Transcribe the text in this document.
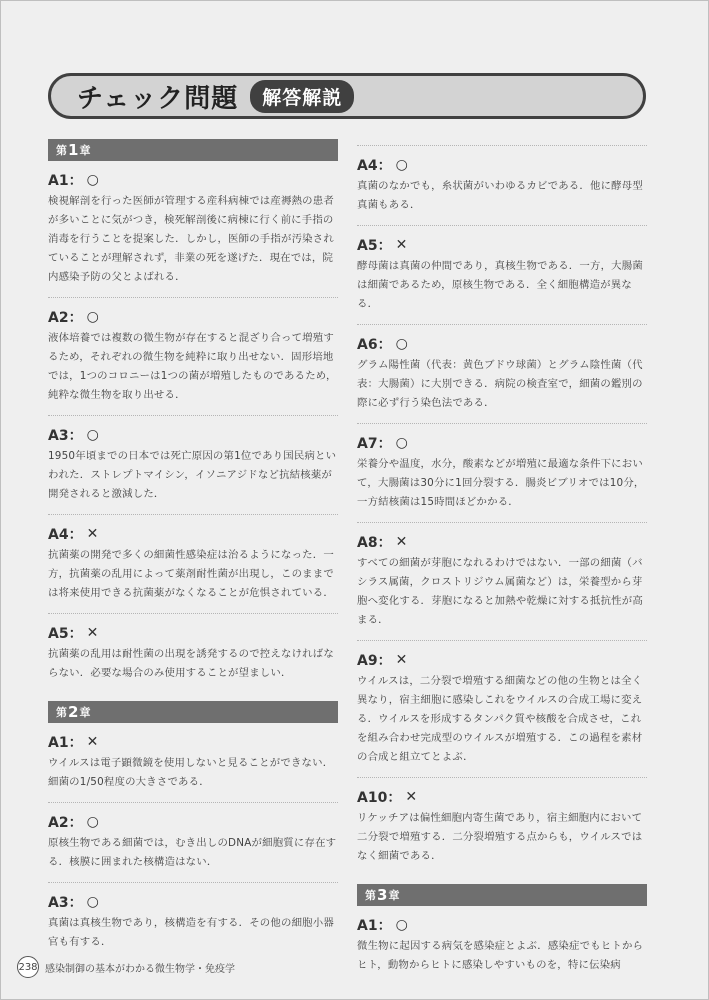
チェック問題	解答解説
第 1 章
A1： ○
検視解剖を行った医師が管理する産科病棟では産褥熱の患者が多いことに気がつき，検死解剖後に病棟に行く前に手指の消毒を行うことを提案した．しかし，医師の手指が汚染されていることが理解されず，非業の死を遂げた．現在では，院内感染予防の父とよばれる．
A2： ○
液体培養では複数の微生物が存在すると混ざり合って増殖するため，それぞれの微生物を純粋に取り出せない．固形培地では，1つのコロニーは1つの菌が増殖したものであるため，純粋な微生物を取り出せる．
A3： ○
1950年頃までの日本では死亡原因の第1位であり国民病といわれた．ストレプトマイシン，イソニアジドなど抗結核薬が開発されると激減した．
A4： ✕
抗菌薬の開発で多くの細菌性感染症は治るようになった．一方，抗菌薬の乱用によって薬剤耐性菌が出現し，このままでは将来使用できる抗菌薬がなくなることが危惧されている．
A5： ✕
抗菌薬の乱用は耐性菌の出現を誘発するので控えなければならない．必要な場合のみ使用することが望ましい．
第 2 章
A1： ✕
ウイルスは電子顕微鏡を使用しないと見ることができない．細菌の1/50程度の大きさである．
A2： ○
原核生物である細菌では，むき出しのDNAが細胞質に存在する．核膜に囲まれた核構造はない．
A3： ○
真菌は真核生物であり，核構造を有する．その他の細胞小器官も有する．
A4： ○
真菌のなかでも，糸状菌がいわゆるカビである．他に酵母型真菌もある．
A5： ✕
酵母菌は真菌の仲間であり，真核生物である．一方，大腸菌は細菌であるため，原核生物である．全く細胞構造が異なる．
A6： ○
グラム陽性菌（代表：黄色ブドウ球菌）とグラム陰性菌（代表：大腸菌）に大別できる．病院の検査室で，細菌の鑑別の際に必ず行う染色法である．
A7： ○
栄養分や温度，水分，酸素などが増殖に最適な条件下において，大腸菌は30分に1回分裂する．腸炎ビブリオでは10分，一方結核菌は15時間ほどかかる．
A8： ✕
すべての細菌が芽胞になれるわけではない．一部の細菌（バシラス属菌，クロストリジウム属菌など）は，栄養型から芽胞へ変化する．芽胞になると加熱や乾燥に対する抵抗性が高まる．
A9： ✕
ウイルスは，二分裂で増殖する細菌などの他の生物とは全く異なり，宿主細胞に感染しこれをウイルスの合成工場に変える．ウイルスを形成するタンパク質や核酸を合成させ，これを組み合わせ完成型のウイルスが増殖する．この過程を素材の合成と組立てとよぶ．
A10： ✕
リケッチアは偏性細胞内寄生菌であり，宿主細胞内において二分裂で増殖する．二分裂増殖する点からも，ウイルスではなく細菌である．
第 3 章
A1： ○
微生物に起因する病気を感染症とよぶ．感染症でもヒトからヒト，動物からヒトに感染しやすいものを，特に伝染病
238 感染制御の基本がわかる微生物学・免疫学
